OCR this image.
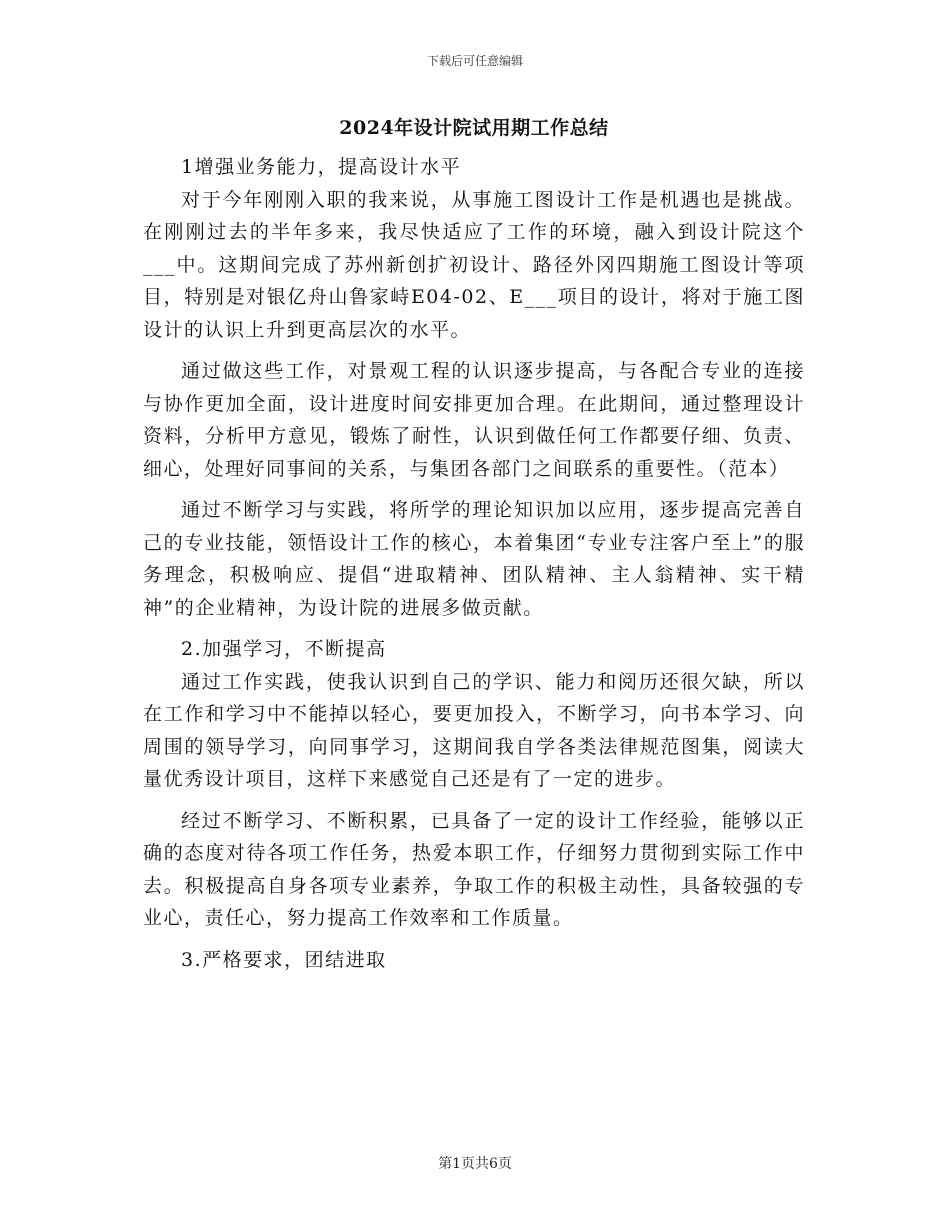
下载后可任意编辑
2024年设计院试用期工作总结

1增强业务能力，提高设计水平

对于今年刚刚入职的我来说，从事施工图设计工作是机遇也是挑战。在刚刚过去的半年多来，我尽快适应了工作的环境，融入到设计院这个___中。这期间完成了苏州新创扩初设计、路径外冈四期施工图设计等项目，特别是对银亿舟山鲁家峙E04-02、E___项目的设计，将对于施工图设计的认识上升到更高层次的水平。

通过做这些工作，对景观工程的认识逐步提高，与各配合专业的连接与协作更加全面，设计进度时间安排更加合理。在此期间，通过整理设计资料，分析甲方意见，锻炼了耐性，认识到做任何工作都要仔细、负责、细心，处理好同事间的关系，与集团各部门之间联系的重要性。（范本）

通过不断学习与实践，将所学的理论知识加以应用，逐步提高完善自己的专业技能，领悟设计工作的核心，本着集团“专业专注客户至上”的服务理念，积极响应、提倡“进取精神、团队精神、主人翁精神、实干精神”的企业精神，为设计院的进展多做贡献。

2.加强学习，不断提高

通过工作实践，使我认识到自己的学识、能力和阅历还很欠缺，所以在工作和学习中不能掉以轻心，要更加投入，不断学习，向书本学习、向周围的领导学习，向同事学习，这期间我自学各类法律规范图集，阅读大量优秀设计项目，这样下来感觉自己还是有了一定的进步。

经过不断学习、不断积累，已具备了一定的设计工作经验，能够以正确的态度对待各项工作任务，热爱本职工作，仔细努力贯彻到实际工作中去。积极提高自身各项专业素养，争取工作的积极主动性，具备较强的专业心，责任心，努力提高工作效率和工作质量。

3.严格要求，团结进取

第1页共6页
